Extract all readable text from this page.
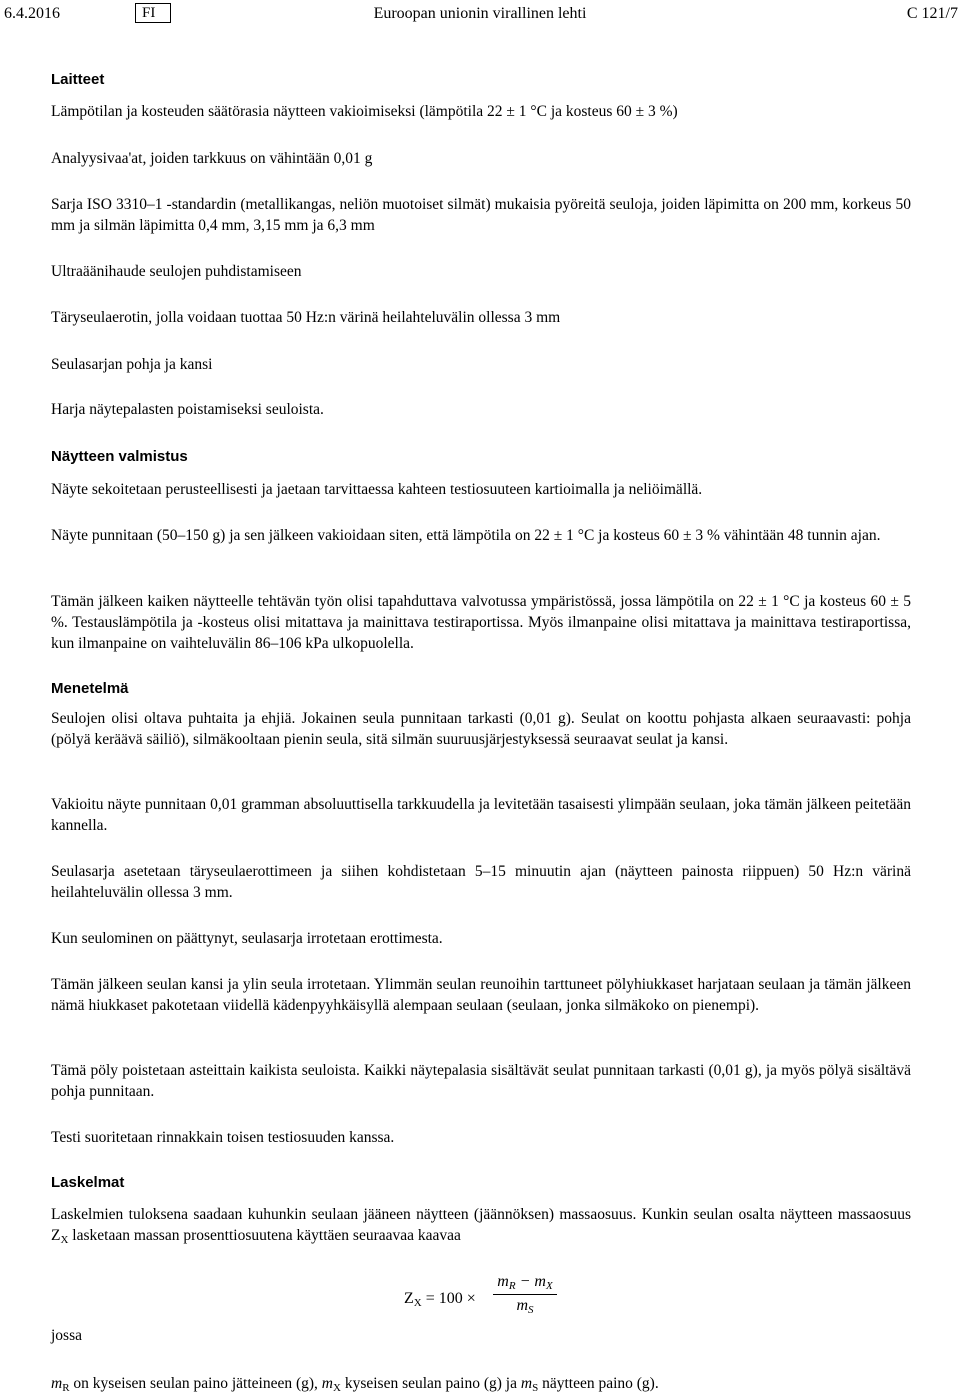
6.4.2016	FI	Euroopan unionin virallinen lehti	C 121/7
Laitteet
Lämpötilan ja kosteuden säätörasia näytteen vakioimiseksi (lämpötila 22 ± 1 °C ja kosteus 60 ± 3 %)
Analyysivaa'at, joiden tarkkuus on vähintään 0,01 g
Sarja ISO 3310–1 -standardin (metallikangas, neliön muotoiset silmät) mukaisia pyöreitä seuloja, joiden läpimitta on 200 mm, korkeus 50 mm ja silmän läpimitta 0,4 mm, 3,15 mm ja 6,3 mm
Ultraäänihaude seulojen puhdistamiseen
Täryseulaerotin, jolla voidaan tuottaa 50 Hz:n värinä heilahteluvälin ollessa 3 mm
Seulasarjan pohja ja kansi
Harja näytepalasten poistamiseksi seuloista.
Näytteen valmistus
Näyte sekoitetaan perusteellisesti ja jaetaan tarvittaessa kahteen testiosuuteen kartioimalla ja neliöimällä.
Näyte punnitaan (50–150 g) ja sen jälkeen vakioidaan siten, että lämpötila on 22 ± 1 °C ja kosteus 60 ± 3 % vähintään 48 tunnin ajan.
Tämän jälkeen kaiken näytteelle tehtävän työn olisi tapahduttava valvotussa ympäristössä, jossa lämpötila on 22 ± 1 °C ja kosteus 60 ± 5 %. Testauslämpötila ja -kosteus olisi mitattava ja mainittava testiraportissa. Myös ilmanpaine olisi mitattava ja mainittava testiraportissa, kun ilmanpaine on vaihteluvälin 86–106 kPa ulkopuolella.
Menetelmä
Seulojen olisi oltava puhtaita ja ehjiä. Jokainen seula punnitaan tarkasti (0,01 g). Seulat on koottu pohjasta alkaen seuraavasti: pohja (pölyä keräävä säiliö), silmäkooltaan pienin seula, sitä silmän suuruusjärjestyksessä seuraavat seulat ja kansi.
Vakioitu näyte punnitaan 0,01 gramman absoluuttisella tarkkuudella ja levitetään tasaisesti ylimpään seulaan, joka tämän jälkeen peitetään kannella.
Seulasarja asetetaan täryseulaerottimeen ja siihen kohdistetaan 5–15 minuutin ajan (näytteen painosta riippuen) 50 Hz:n värinä heilahteluvälin ollessa 3 mm.
Kun seulominen on päättynyt, seulasarja irrotetaan erottimesta.
Tämän jälkeen seulan kansi ja ylin seula irrotetaan. Ylimmän seulan reunoihin tarttuneet pölyhiukkaset harjataan seulaan ja tämän jälkeen nämä hiukkaset pakotetaan viidellä kädenpyyhkäisyllä alempaan seulaan (seulaan, jonka silmäkoko on pienempi).
Tämä pöly poistetaan asteittain kaikista seuloista. Kaikki näytepalasia sisältävät seulat punnitaan tarkasti (0,01 g), ja myös pölyä sisältävä pohja punnitaan.
Testi suoritetaan rinnakkain toisen testiosuuden kanssa.
Laskelmat
Laskelmien tuloksena saadaan kuhunkin seulaan jääneen näytteen (jäännöksen) massaosuus. Kunkin seulan osalta näytteen massaosuus $Z_X$ lasketaan massan prosenttiosuutena käyttäen seuraavaa kaavaa
jossa
$m_R$ on kyseisen seulan paino jätteineen (g), $m_X$ kyseisen seulan paino (g) ja $m_S$ näytteen paino (g).
$Z_X = 100$ ×
$m_R - m_X$
$m_S$
